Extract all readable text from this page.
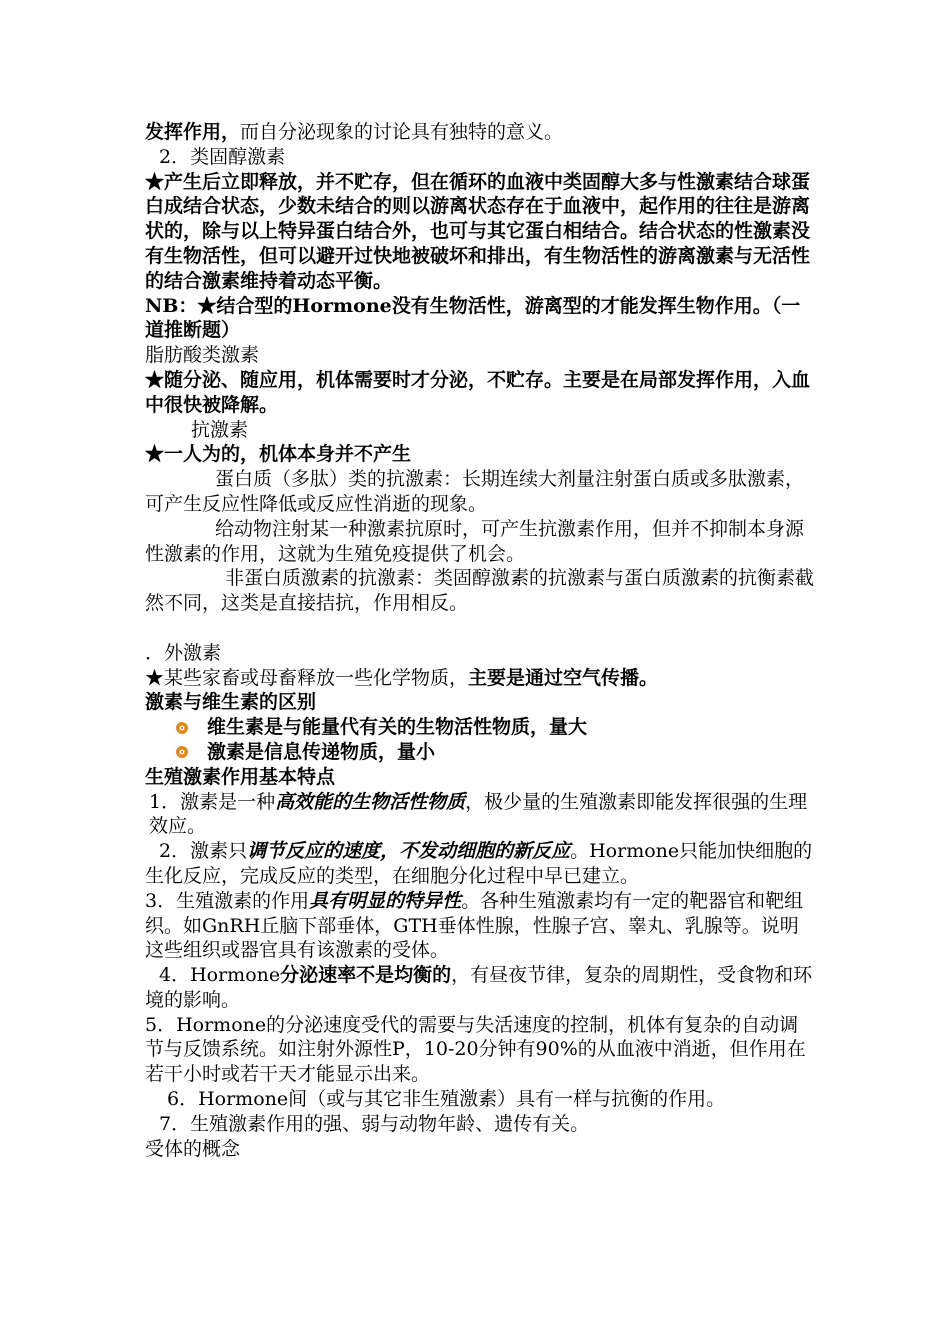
发挥作用，而自分泌现象的讨论具有独特的意义。

2．类固醇激素

★产生后立即释放，并不贮存，但在循环的血液中类固醇大多与性激素结合球蛋白成结合状态，少数未结合的则以游离状态存在于血液中，起作用的往往是游离状的，除与以上特异蛋白结合外，也可与其它蛋白相结合。结合状态的性激素没有生物活性，但可以避开过快地被破坏和排出，有生物活性的游离激素与无活性的结合激素维持着动态平衡。

NB：★结合型的Hormone没有生物活性，游离型的才能发挥生物作用。（一道推断题）

脂肪酸类激素

★随分泌、随应用，机体需要时才分泌，不贮存。主要是在局部发挥作用，入血中很快被降解。

抗激素

★一人为的，机体本身并不产生

蛋白质（多肽）类的抗激素：长期连续大剂量注射蛋白质或多肽激素，可产生反应性降低或反应性消逝的现象。

给动物注射某一种激素抗原时，可产生抗激素作用，但并不抑制本身源性激素的作用，这就为生殖免疫提供了机会。

非蛋白质激素的抗激素：类固醇激素的抗激素与蛋白质激素的抗衡素截然不同，这类是直接拮抗，作用相反。

．外激素

★某些家畜或母畜释放一些化学物质，主要是通过空气传播。

激素与维生素的区别

维生素是与能量代有关的生物活性物质，量大
激素是信息传递物质，量小

生殖激素作用基本特点

1．激素是一种高效能的生物活性物质，极少量的生殖激素即能发挥很强的生理效应。

2．激素只调节反应的速度，不发动细胞的新反应。Hormone只能加快细胞的生化反应，完成反应的类型，在细胞分化过程中早已建立。

3．生殖激素的作用具有明显的特异性。各种生殖激素均有一定的靶器官和靶组织。如GnRH丘脑下部垂体，GTH垂体性腺，性腺子宫、睾丸、乳腺等。说明这些组织或器官具有该激素的受体。

4．Hormone分泌速率不是均衡的，有昼夜节律，复杂的周期性，受食物和环境的影响。

5．Hormone的分泌速度受代的需要与失活速度的控制，机体有复杂的自动调节与反馈系统。如注射外源性P，10-20分钟有90%的从血液中消逝，但作用在若干小时或若干天才能显示出来。

6．Hormone间（或与其它非生殖激素）具有一样与抗衡的作用。

7．生殖激素作用的强、弱与动物年龄、遗传有关。

受体的概念
